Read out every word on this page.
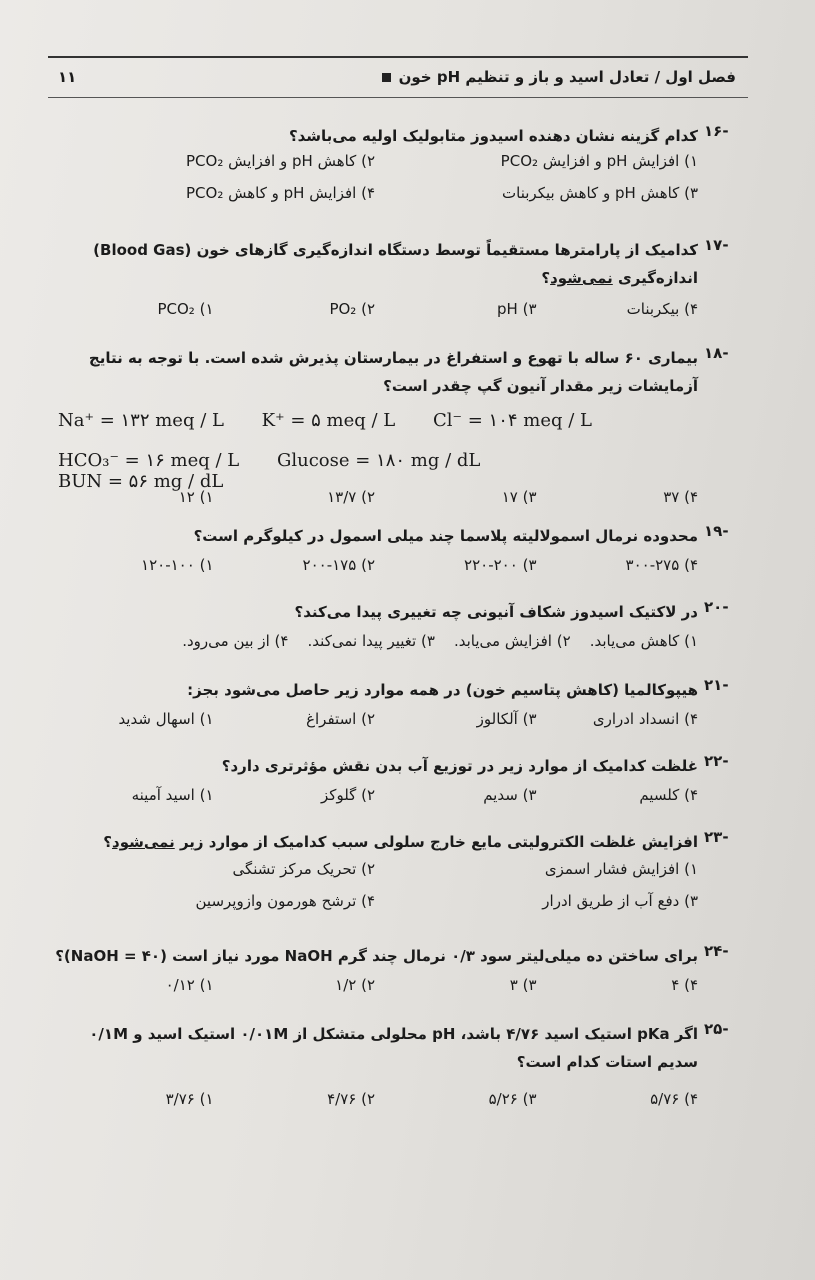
فصل اول / تعادل اسید و باز و تنظیم pH خون
۱۱
-۱۶
کدام گزینه نشان دهنده اسیدوز متابولیک اولیه می‌باشد؟
۱) افزایش pH و افزایش PCO₂
۲) کاهش pH و افزایش PCO₂
۳) کاهش pH و کاهش بیکربنات
۴) افزایش pH و کاهش PCO₂
-۱۷
کدامیک از پارامترها مستقیماً توسط دستگاه اندازه‌گیری گازهای خون (Blood Gas)
اندازه‌گیری نمی‌شود؟
۱) PCO₂	۲) PO₂	۳) pH	۴) بیکربنات
-۱۸
بیماری ۶۰ ساله با تهوع و استفراغ در بیمارستان پذیرش شده است. با توجه به نتایج آزمایشات زیر مقدار آنیون گپ چقدر است؟
Na⁺ = ۱۳۲ meq / L K⁺ = ۵ meq / L Cl⁻ = ۱۰۴ meq / L
HCO₃⁻ = ۱۶ meq / L Glucose = ۱۸۰ mg / dL BUN = ۵۶ mg / dL
۱) ۱۲	۲) ۱۳/۷	۳) ۱۷	۴) ۳۷
-۱۹
محدوده نرمال اسمولالیته پلاسما چند میلی اسمول در کیلوگرم است؟
۱) ۱۲۰-۱۰۰	۲) ۲۰۰-۱۷۵	۳) ۲۲۰-۲۰۰	۴) ۳۰۰-۲۷۵
-۲۰
در لاکتیک اسیدوز شکاف آنیونی چه تغییری پیدا می‌کند؟
۱) کاهش می‌یابد.    ۲) افزایش می‌یابد.    ۳) تغییر پیدا نمی‌کند.    ۴) از بین می‌رود.
-۲۱
هیپوکالمیا (کاهش پتاسیم خون) در همه موارد زیر حاصل می‌شود بجز:
۱) اسهال شدید	۲) استفراغ	۳) آلکالوز	۴) انسداد ادراری
-۲۲
غلظت کدامیک از موارد زیر در توزیع آب بدن نقش مؤثرتری دارد؟
۱) اسید آمینه	۲) گلوکز	۳) سدیم	۴) کلسیم
-۲۳
افزایش غلظت الکترولیتی مایع خارج سلولی سبب کدامیک از موارد زیر نمی‌شود؟
۱) افزایش فشار اسمزی
۲) تحریک مرکز تشنگی
۳) دفع آب از طریق ادرار
۴) ترشح هورمون وازوپرسین
-۲۴
برای ساختن ده میلی‌لیتر سود ۰/۳ نرمال چند گرم NaOH مورد نیاز است (NaOH = ۴۰)؟
۱) ۰/۱۲	۲) ۱/۲	۳) ۳	۴) ۴
-۲۵
اگر pKa استیک اسید ۴/۷۶ باشد، pH محلولی متشکل از ۰/۰۱M استیک اسید و ۰/۱M سدیم استات کدام است؟
۱) ۳/۷۶	۲) ۴/۷۶	۳) ۵/۲۶	۴) ۵/۷۶
